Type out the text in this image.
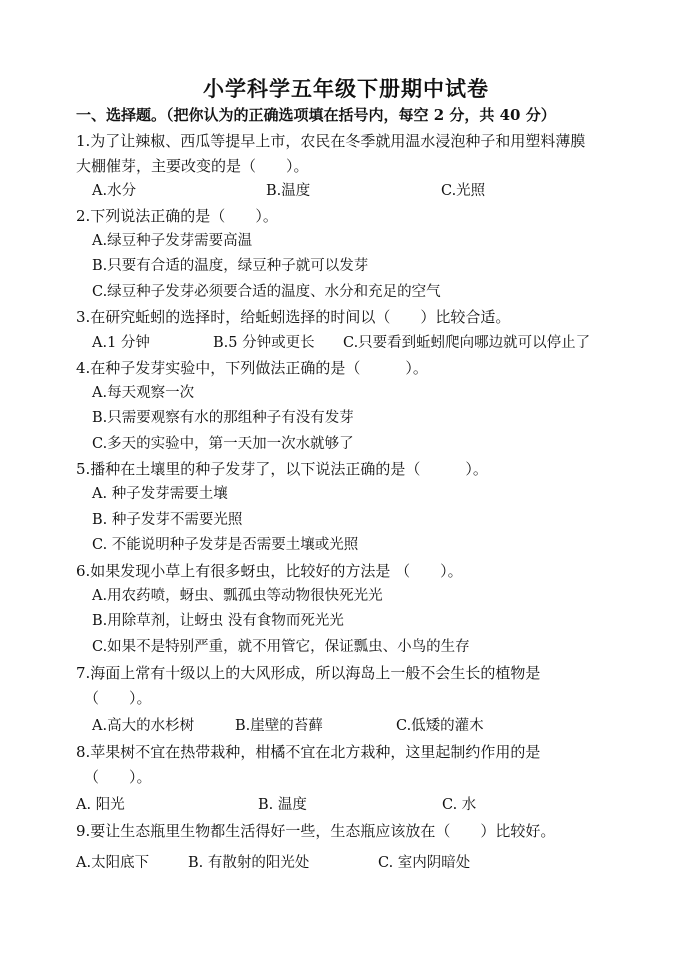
小学科学五年级下册期中试卷
一、选择题。（把你认为的正确选项填在括号内，每空 2 分，共 40 分）
1.为了让辣椒、西瓜等提早上市，农民在冬季就用温水浸泡种子和用塑料薄膜
大棚催芽，主要改变的是（　　）。
A.水分	B.温度	C.光照
2.下列说法正确的是（　　）。
A.绿豆种子发芽需要高温
B.只要有合适的温度，绿豆种子就可以发芽
C.绿豆种子发芽必须要合适的温度、水分和充足的空气
3.在研究蚯蚓的选择时，给蚯蚓选择的时间以（　　）比较合适。
A.1 分钟	B.5 分钟或更长 C.只要看到蚯蚓爬向哪边就可以停止了
4.在种子发芽实验中，下列做法正确的是（　　　）。
A.每天观察一次
B.只需要观察有水的那组种子有没有发芽
C.多天的实验中，第一天加一次水就够了
5.播种在土壤里的种子发芽了，以下说法正确的是（　　　）。
A. 种子发芽需要土壤
B. 种子发芽不需要光照
C. 不能说明种子发芽是否需要土壤或光照
6.如果发现小草上有很多蚜虫，比较好的方法是 （　　）。
A.用农药喷，蚜虫、瓢孤虫等动物很快死光光
B.用除草剂，让蚜虫 没有食物而死光光
C.如果不是特别严重，就不用管它，保证瓢虫、小鸟的生存
7.海面上常有十级以上的大风形成，所以海岛上一般不会生长的植物是
（　　）。
A.高大的水杉树	B.崖壁的苔藓	C.低矮的灌木
8.苹果树不宜在热带栽种，柑橘不宜在北方栽种，这里起制约作用的是
（　　）。
A. 阳光	B. 温度	C. 水
9.要让生态瓶里生物都生活得好一些，生态瓶应该放在（　　）比较好。
A.太阳底下	B. 有散射的阳光处	C. 室内阴暗处
